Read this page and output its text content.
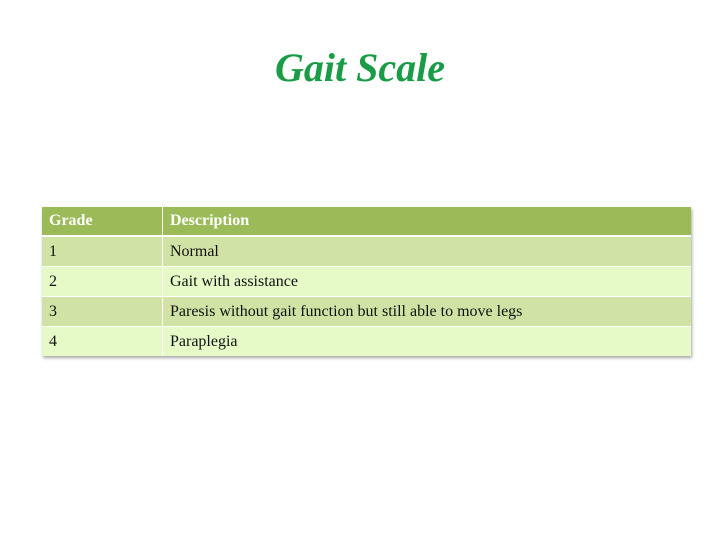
Gait Scale
Grade	Description
1	Normal
2	Gait with assistance
3	Paresis without gait function but still able to move legs
4	Paraplegia
